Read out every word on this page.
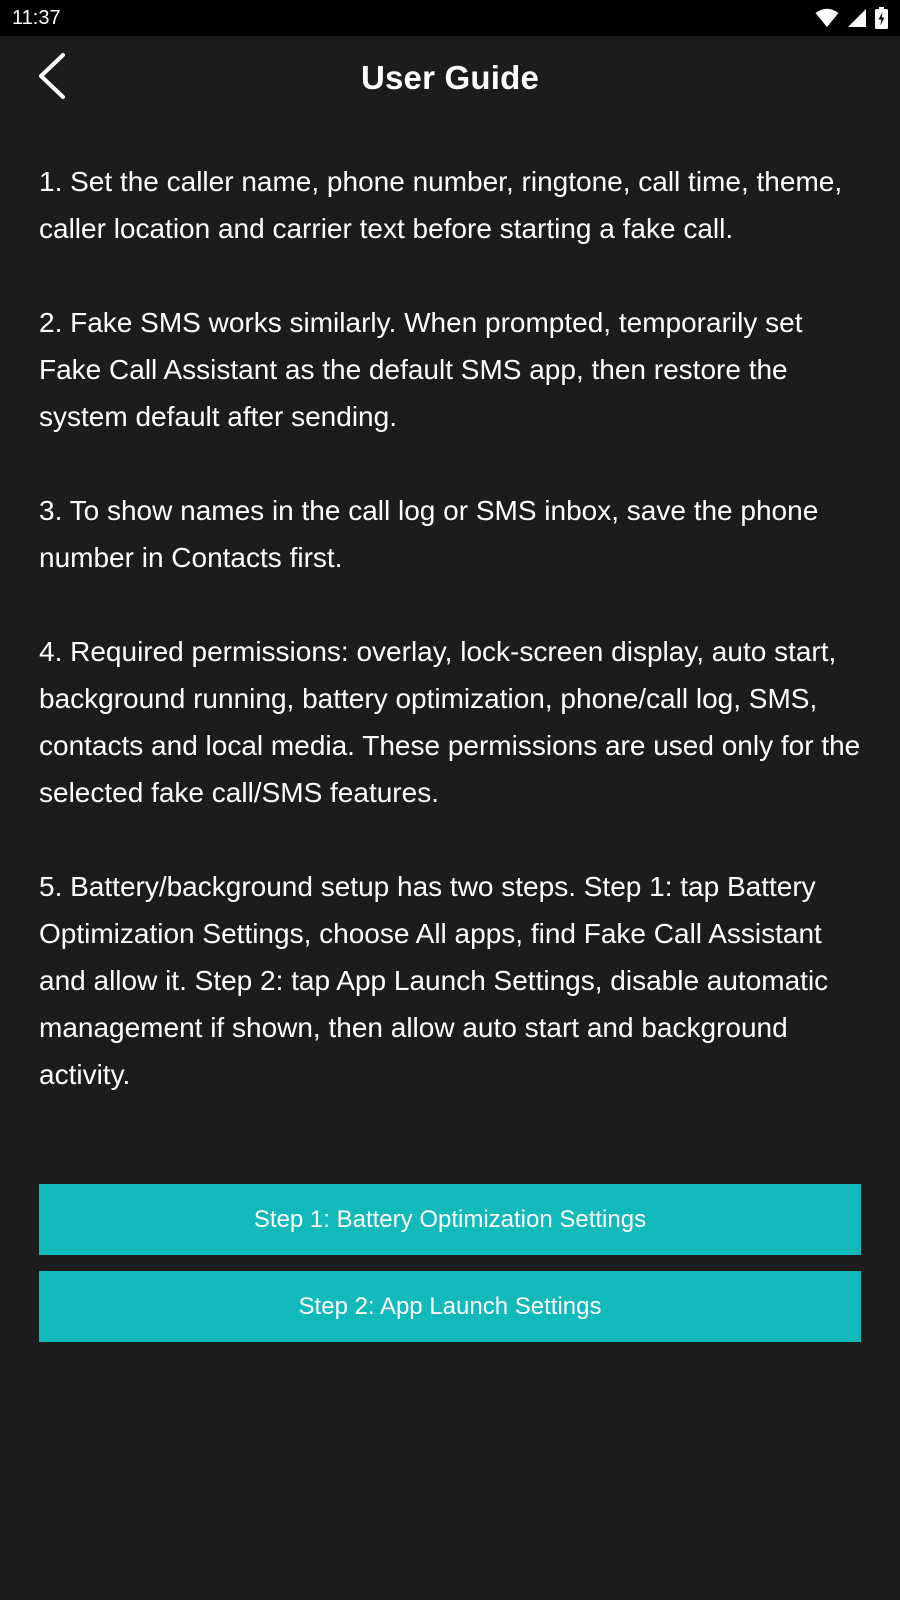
11:37
User Guide

1. Set the caller name, phone number, ringtone, call time, theme, caller location and carrier text before starting a fake call.

2. Fake SMS works similarly. When prompted, temporarily set Fake Call Assistant as the default SMS app, then restore the system default after sending.

3. To show names in the call log or SMS inbox, save the phone number in Contacts first.

4. Required permissions: overlay, lock-screen display, auto start, background running, battery optimization, phone/call log, SMS, contacts and local media. These permissions are used only for the selected fake call/SMS features.

5. Battery/background setup has two steps. Step 1: tap Battery Optimization Settings, choose All apps, find Fake Call Assistant and allow it. Step 2: tap App Launch Settings, disable automatic management if shown, then allow auto start and background activity.

Step 1: Battery Optimization Settings
Step 2: App Launch Settings
